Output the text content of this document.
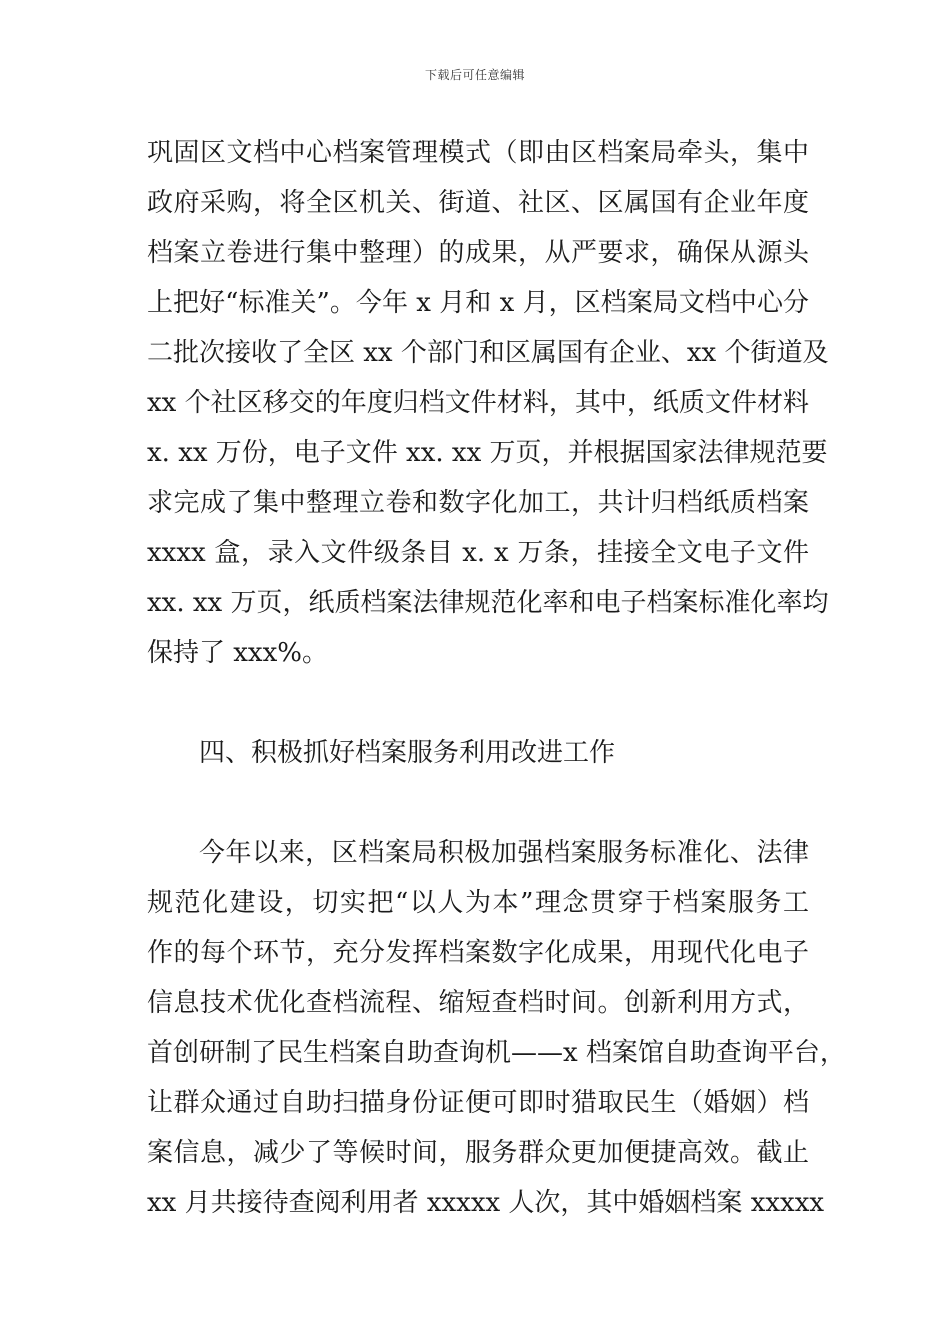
下载后可任意编辑
巩固区文档中心档案管理模式（即由区档案局牵头，集中
政府采购，将全区机关、街道、社区、区属国有企业年度
档案立卷进行集中整理）的成果，从严要求，确保从源头
上把好“标准关”。今年 x 月和 x 月，区档案局文档中心分
二批次接收了全区 xx 个部门和区属国有企业、xx 个街道及
xx 个社区移交的年度归档文件材料，其中，纸质文件材料
x. xx 万份，电子文件 xx. xx 万页，并根据国家法律规范要
求完成了集中整理立卷和数字化加工，共计归档纸质档案
xxxx 盒，录入文件级条目 x. x 万条，挂接全文电子文件
xx. xx 万页，纸质档案法律规范化率和电子档案标准化率均
保持了 xxx%。
四、积极抓好档案服务利用改进工作
今年以来，区档案局积极加强档案服务标准化、法律
规范化建设，切实把“以人为本”理念贯穿于档案服务工
作的每个环节，充分发挥档案数字化成果，用现代化电子
信息技术优化查档流程、缩短查档时间。创新利用方式，
首创研制了民生档案自助查询机——x 档案馆自助查询平台，
让群众通过自助扫描身份证便可即时猎取民生（婚姻）档
案信息，减少了等候时间，服务群众更加便捷高效。截止
xx 月共接待查阅利用者 xxxxx 人次，其中婚姻档案 xxxxx
